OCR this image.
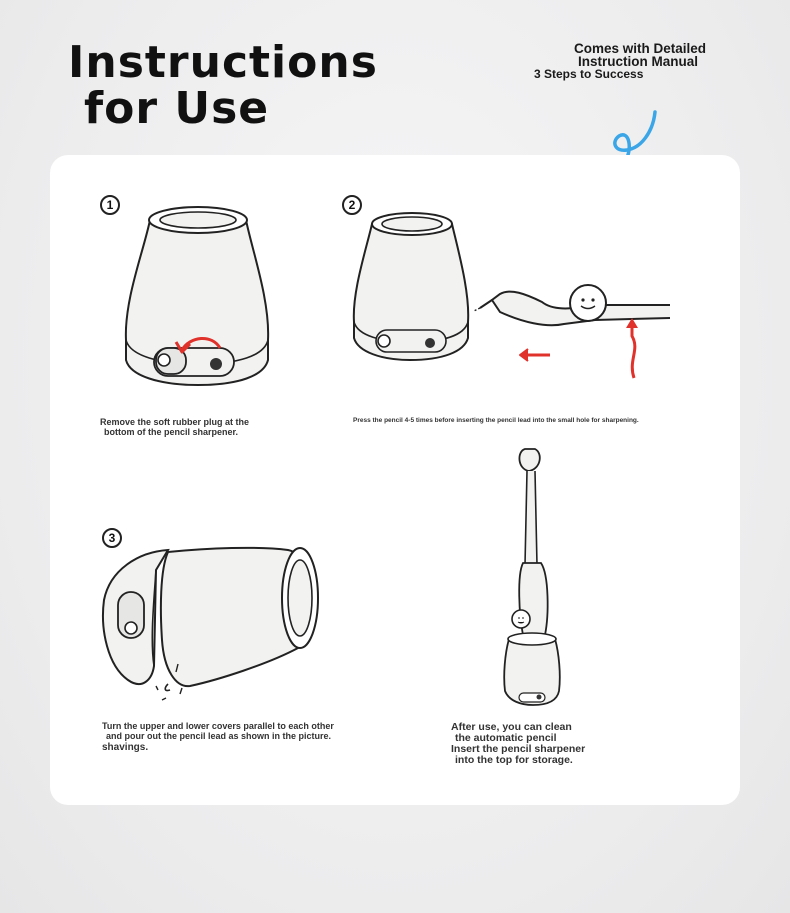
Instructions
for Use
Comes with Detailed
Instruction Manual
3 Steps to Success
1

Remove the soft rubber plug at the
bottom of the pencil sharpener.

2

Press the pencil 4-5 times before inserting the pencil lead into the small hole for sharpening.

3

Turn the upper and lower covers parallel to each other
and pour out the pencil lead as shown in the picture.
shavings.

After use, you can clean
the automatic pencil
Insert the pencil sharpener
into the top for storage.
